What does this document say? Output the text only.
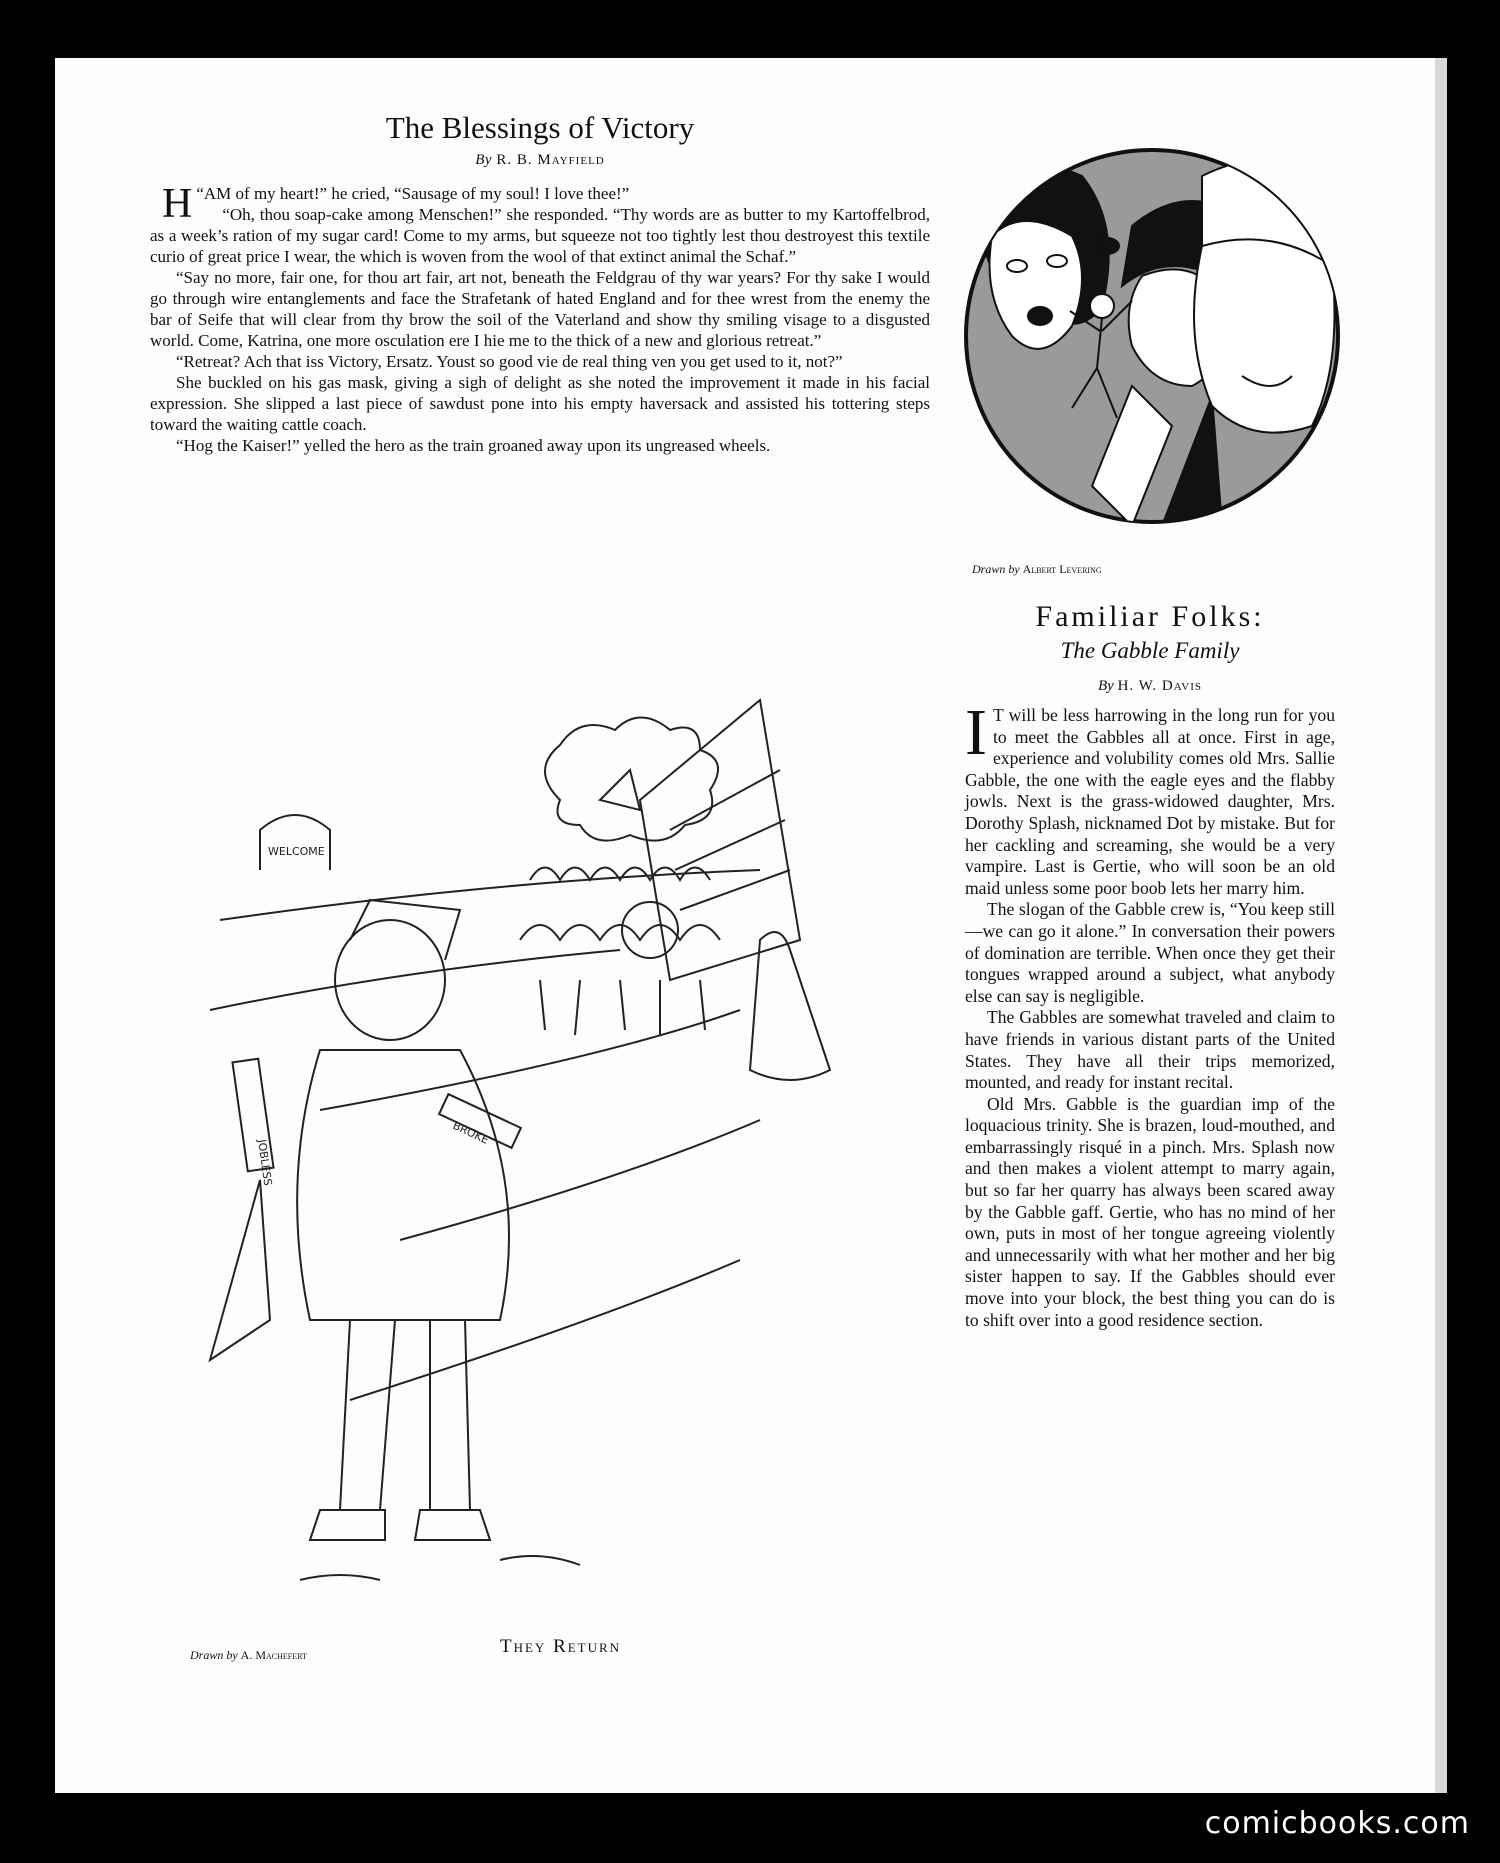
The Blessings of Victory
By R. B. Mayfield

“
H AM of my heart!” he cried, “Sausage of my soul! I love thee!”

“Oh, thou soap-cake among Menschen!” she responded. “Thy words are as butter to my Kartoffelbrod, as a week’s ration of my sugar card! Come to my arms, but squeeze not too tightly lest thou destroyest this textile curio of great price I wear, the which is woven from the wool of that extinct animal the Schaf.”

“Say no more, fair one, for thou art fair, art not, beneath the Feldgrau of thy war years? For thy sake I would go through wire entanglements and face the Strafetank of hated England and for thee wrest from the enemy the bar of Seife that will clear from thy brow the soil of the Vaterland and show thy smiling visage to a disgusted world. Come, Katrina, one more osculation ere I hie me to the thick of a new and glorious retreat.”

“Retreat? Ach that iss Victory, Ersatz. Youst so good vie de real thing ven you get used to it, not?”

She buckled on his gas mask, giving a sigh of delight as she noted the improvement it made in his facial expression. She slipped a last piece of sawdust pone into his empty haversack and assisted his tottering steps toward the waiting cattle coach.

“Hog the Kaiser!” yelled the hero as the train groaned away upon its ungreased wheels.

WELCOME
JOBLESS
BROKE
Drawn by A. Machefert	They Return
Drawn by Albert Levering
Familiar Folks:
The Gabble Family
By H. W. Davis

I T will be less harrowing in the long run for you to meet the Gabbles all at once. First in age, experience and volubility comes old Mrs. Sallie Gabble, the one with the eagle eyes and the flabby jowls. Next is the grass-widowed daughter, Mrs. Dorothy Splash, nicknamed Dot by mistake. But for her cackling and screaming, she would be a very vampire. Last is Gertie, who will soon be an old maid unless some poor boob lets her marry him.

The slogan of the Gabble crew is, “You keep still—we can go it alone.” In conversation their powers of domination are terrible. When once they get their tongues wrapped around a subject, what anybody else can say is negligible.

The Gabbles are somewhat traveled and claim to have friends in various distant parts of the United States. They have all their trips memorized, mounted, and ready for instant recital.

Old Mrs. Gabble is the guardian imp of the loquacious trinity. She is brazen, loud-mouthed, and embarrassingly risqué in a pinch. Mrs. Splash now and then makes a violent attempt to marry again, but so far her quarry has always been scared away by the Gabble gaff. Gertie, who has no mind of her own, puts in most of her tongue agreeing violently and unnecessarily with what her mother and her big sister happen to say. If the Gabbles should ever move into your block, the best thing you can do is to shift over into a good residence section.

comicbooks.com
